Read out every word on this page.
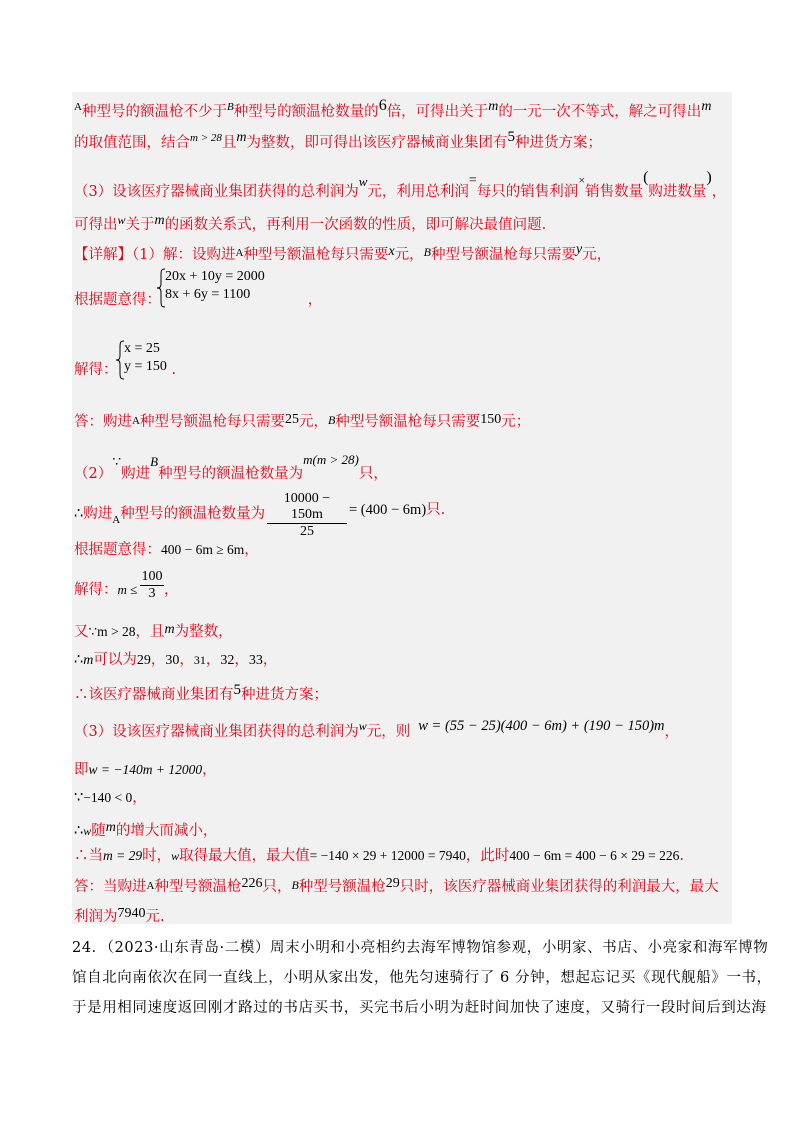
$^A$种型号的额温枪不少于$^B$种型号的额温枪数量的6倍，可得出关于m的一元一次不等式，解之可得出m
的取值范围，结合$^{m > 28}$且m为整数，即可得出该医疗器械商业集团有5种进货方案；
（3）设该医疗器械商业集团获得的总利润为w元，利用总利润=每只的销售利润×销售数量(购进数量)，
可得出$^w$关于m的函数关系式，再利用一次函数的性质，即可解决最值问题.
【详解】（1）解：设购进$^A$种型号额温枪每只需要x元，$^B$种型号额温枪每只需要y元，
20x + 10y = 2000
8x + 6y = 1100
根据题意得：	，
x = 25
y = 150
解得：	.
答：购进A种型号额温枪每只需要25元，B种型号额温枪每只需要150元；
（2）∵购进B种型号的额温枪数量为m(m > 28)只，
∴购进$_A$种型号的额温枪数量为 $\frac{10000 - 150m}{25} = (400 - 6m)$只.
根据题意得：400 − 6m ≥ 6m，
解得：$m \le \frac{100}{3}$ ，
又∵m > 28，且m为整数，
∴m可以为29，30，31，32，33，
∴该医疗器械商业集团有5种进货方案；
（3）设该医疗器械商业集团获得的总利润为$^w$元，则 w = (55 − 25)(400 − 6m) + (190 − 150)m，
即w = −140m + 12000，
∵−140 < 0，
∴w随m的增大而减小，
∴当m = 29时，w取得最大值，最大值= −140 × 29 + 12000 = 7940，此时400 − 6m = 400 − 6 × 29 = 226.
答：当购进A种型号额温枪226只，B种型号额温枪29只时，该医疗器械商业集团获得的利润最大，最大
利润为7940元.
24．（2023·山东青岛·二模）周末小明和小亮相约去海军博物馆参观，小明家、书店、小亮家和海军博物
馆自北向南依次在同一直线上，小明从家出发，他先匀速骑行了 6 分钟，想起忘记买《现代舰船》一书，
于是用相同速度返回刚才路过的书店买书，买完书后小明为赶时间加快了速度，又骑行一段时间后到达海
